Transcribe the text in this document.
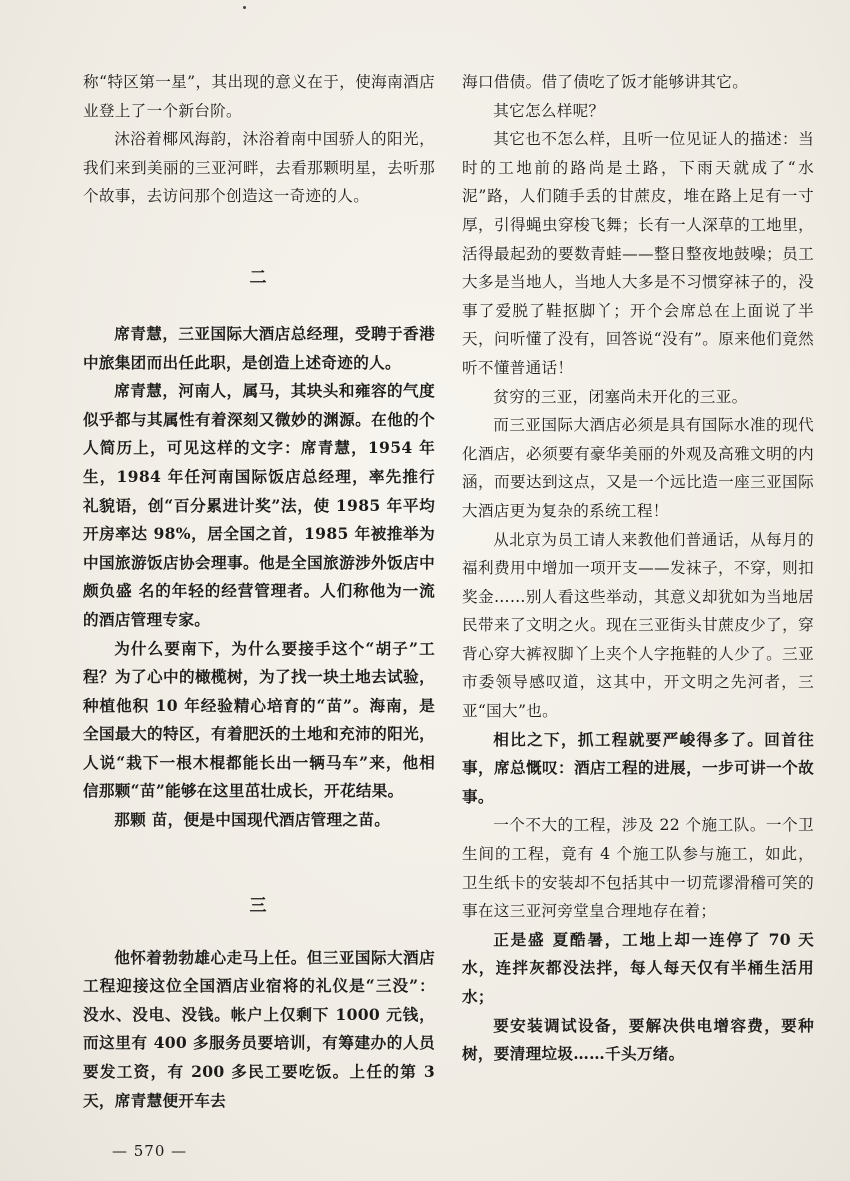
称“特区第一星”，其出现的意义在于，使海南酒店业登上了一个新台阶。

沐浴着椰风海韵，沐浴着南中国骄人的阳光，我们来到美丽的三亚河畔，去看那颗明星，去听那个故事，去访问那个创造这一奇迹的人。

二

席青慧，三亚国际大酒店总经理，受聘于香港中旅集团而出任此职，是创造上述奇迹的人。

席青慧，河南人，属马，其块头和雍容的气度似乎都与其属性有着深刻又微妙的渊源。在他的个人简历上，可见这样的文字：席青慧，1954 年生，1984 年任河南国际饭店总经理，率先推行礼貌语，创“百分累进计奖”法，使 1985 年平均开房率达 98%，居全国之首，1985 年被推举为中国旅游饭店协会理事。他是全国旅游涉外饭店中颇负盛 名的年轻的经营管理者。人们称他为一流的酒店管理专家。

为什么要南下，为什么要接手这个“胡子”工程？为了心中的橄榄树，为了找一块土地去试验，种植他积 10 年经验精心培育的“苗”。海南，是全国最大的特区，有着肥沃的土地和充沛的阳光，人说“栽下一根木棍都能长出一辆马车”来，他相信那颗“苗”能够在这里茁壮成长，开花结果。

那颗 苗，便是中国现代酒店管理之苗。

三

他怀着勃勃雄心走马上任。但三亚国际大酒店工程迎接这位全国酒店业宿将的礼仪是“三没”：没水、没电、没钱。帐户上仅剩下 1000 元钱，而这里有 400 多服务员要培训，有筹建办的人员要发工资，有 200 多民工要吃饭。上任的第 3 天，席青慧便开车去

海口借债。借了债吃了饭才能够讲其它。

其它怎么样呢？

其它也不怎么样，且听一位见证人的描述：当时的工地前的路尚是土路，下雨天就成了“水泥”路，人们随手丢的甘蔗皮，堆在路上足有一寸厚，引得蝇虫穿梭飞舞；长有一人深草的工地里，活得最起劲的要数青蛙——整日整夜地鼓噪；员工大多是当地人，当地人大多是不习惯穿袜子的，没事了爱脱了鞋抠脚丫；开个会席总在上面说了半天，问听懂了没有，回答说“没有”。原来他们竟然听不懂普通话！

贫穷的三亚，闭塞尚未开化的三亚。

而三亚国际大酒店必须是具有国际水准的现代化酒店，必须要有豪华美丽的外观及高雅文明的内涵，而要达到这点，又是一个远比造一座三亚国际大酒店更为复杂的系统工程！

从北京为员工请人来教他们普通话，从每月的福利费用中增加一项开支——发袜子，不穿，则扣奖金……别人看这些举动，其意义却犹如为当地居民带来了文明之火。现在三亚街头甘蔗皮少了，穿背心穿大裤衩脚丫上夹个人字拖鞋的人少了。三亚市委领导感叹道，这其中，开文明之先河者，三亚“国大”也。

相比之下，抓工程就要严峻得多了。回首往事，席总慨叹：酒店工程的进展，一步可讲一个故事。

一个不大的工程，涉及 22 个施工队。一个卫生间的工程，竟有 4 个施工队参与施工，如此，卫生纸卡的安装却不包括其中一切荒谬滑稽可笑的事在这三亚河旁堂皇合理地存在着；

正是盛 夏酷暑，工地上却一连停了 70 天水，连拌灰都没法拌，每人每天仅有半桶生活用水；

要安装调试设备，要解决供电增容费，要种树，要清理垃圾……千头万绪。

— 570 —
